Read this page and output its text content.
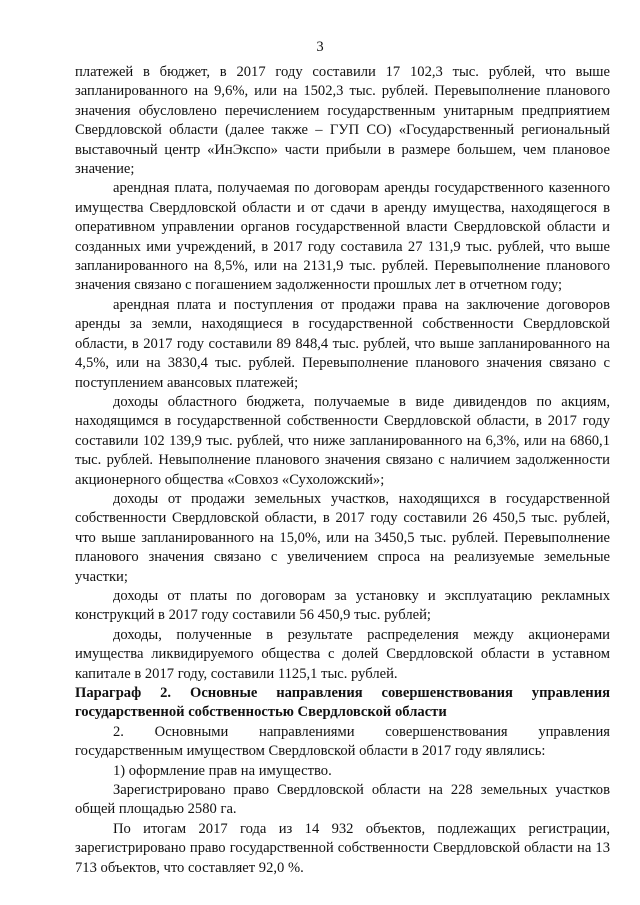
3

платежей в бюджет, в 2017 году составили 17 102,3 тыс. рублей, что выше запланированного на 9,6%, или на 1502,3 тыс. рублей. Перевыполнение планового значения обусловлено перечислением государственным унитарным предприятием Свердловской области (далее также – ГУП СО) «Государственный региональный выставочный центр «ИнЭкспо» части прибыли в размере большем, чем плановое значение;

арендная плата, получаемая по договорам аренды государственного казенного имущества Свердловской области и от сдачи в аренду имущества, находящегося в оперативном управлении органов государственной власти Свердловской области и созданных ими учреждений, в 2017 году составила 27 131,9 тыс. рублей, что выше запланированного на 8,5%, или на 2131,9 тыс. рублей. Перевыполнение планового значения связано с погашением задолженности прошлых лет в отчетном году;

арендная плата и поступления от продажи права на заключение договоров аренды за земли, находящиеся в государственной собственности Свердловской области, в 2017 году составили 89 848,4 тыс. рублей, что выше запланированного на 4,5%, или на 3830,4 тыс. рублей. Перевыполнение планового значения связано с поступлением авансовых платежей;

доходы областного бюджета, получаемые в виде дивидендов по акциям, находящимся в государственной собственности Свердловской области, в 2017 году составили 102 139,9 тыс. рублей, что ниже запланированного на 6,3%, или на 6860,1 тыс. рублей. Невыполнение планового значения связано с наличием задолженности акционерного общества «Совхоз «Сухоложский»;

доходы от продажи земельных участков, находящихся в государственной собственности Свердловской области, в 2017 году составили 26 450,5 тыс. рублей, что выше запланированного на 15,0%, или на 3450,5 тыс. рублей. Перевыполнение планового значения связано с увеличением спроса на реализуемые земельные участки;

доходы от платы по договорам за установку и эксплуатацию рекламных конструкций в 2017 году составили 56 450,9 тыс. рублей;

доходы, полученные в результате распределения между акционерами имущества ликвидируемого общества с долей Свердловской области в уставном капитале в 2017 году, составили 1125,1 тыс. рублей.

Параграф 2. Основные направления совершенствования управления государственной собственностью Свердловской области

2. Основными направлениями совершенствования управления государственным имуществом Свердловской области в 2017 году являлись:

1) оформление прав на имущество.

Зарегистрировано право Свердловской области на 228 земельных участков общей площадью 2580 га.

По итогам 2017 года из 14 932 объектов, подлежащих регистрации, зарегистрировано право государственной собственности Свердловской области на 13 713 объектов, что составляет 92,0 %.
